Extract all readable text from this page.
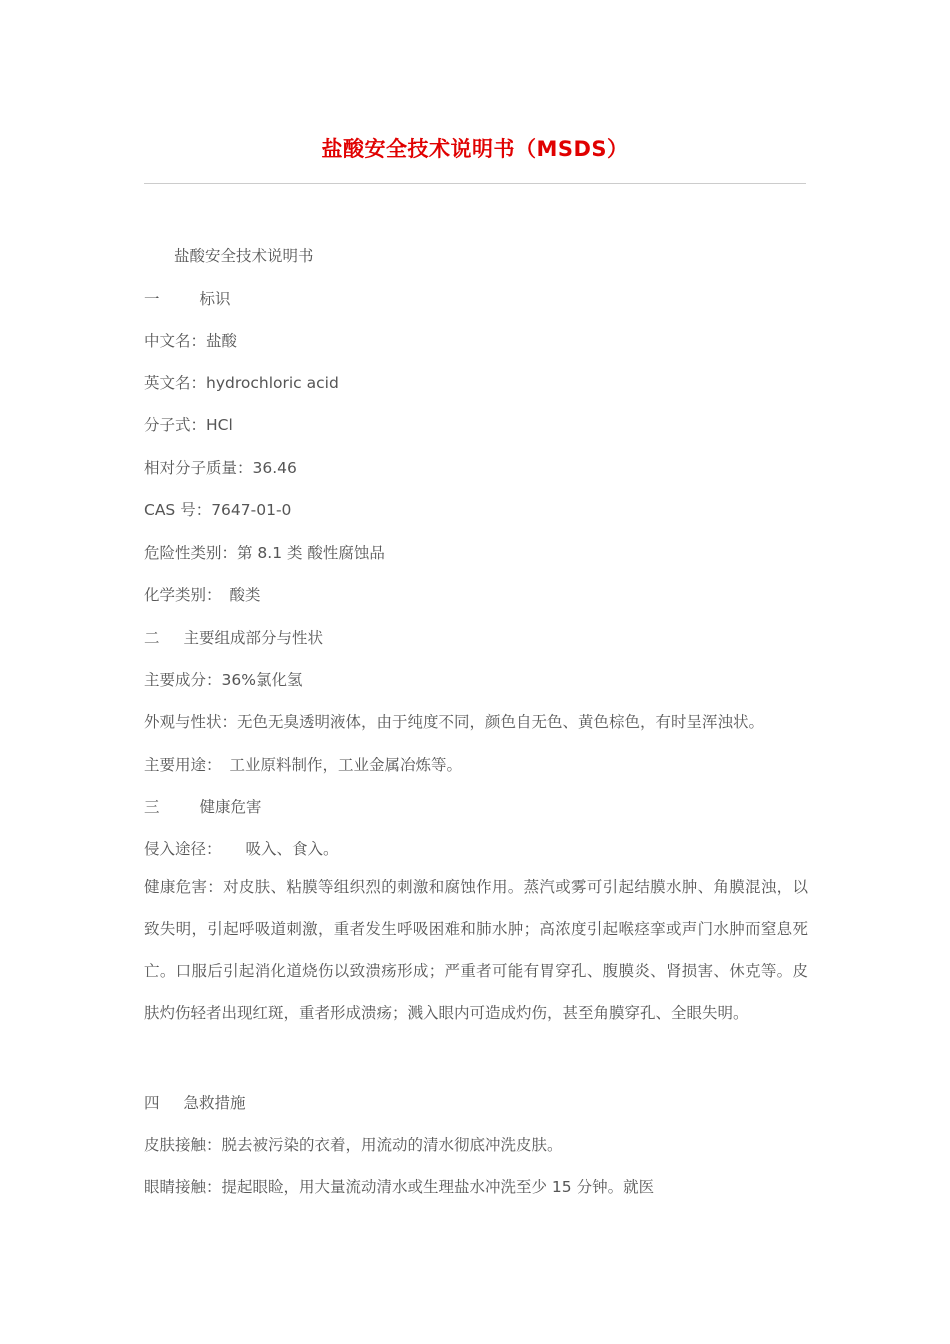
盐酸安全技术说明书（MSDS）
盐酸安全技术说明书
一	标识
中文名：盐酸
英文名：hydrochloric acid
分子式：HCl
相对分子质量：36.46
CAS 号：7647-01-0
危险性类别：第 8.1 类 酸性腐蚀品
化学类别： 酸类
二 主要组成部分与性状
主要成分：36%氯化氢
外观与性状：无色无臭透明液体，由于纯度不同，颜色自无色、黄色棕色，有时呈浑浊状。
主要用途： 工业原料制作，工业金属冶炼等。
三	健康危害
侵入途径： 吸入、食入。
健康危害：对皮肤、粘膜等组织烈的刺激和腐蚀作用。蒸汽或雾可引起结膜水肿、角膜混浊，以致失明，引起呼吸道刺激，重者发生呼吸困难和肺水肿；高浓度引起喉痉挛或声门水肿而窒息死亡。口服后引起消化道烧伤以致溃疡形成；严重者可能有胃穿孔、腹膜炎、肾损害、休克等。皮肤灼伤轻者出现红斑，重者形成溃疡；溅入眼内可造成灼伤，甚至角膜穿孔、全眼失明。
四 急救措施
皮肤接触：脱去被污染的衣着，用流动的清水彻底冲洗皮肤。
眼睛接触：提起眼睑，用大量流动清水或生理盐水冲洗至少 15 分钟。就医
